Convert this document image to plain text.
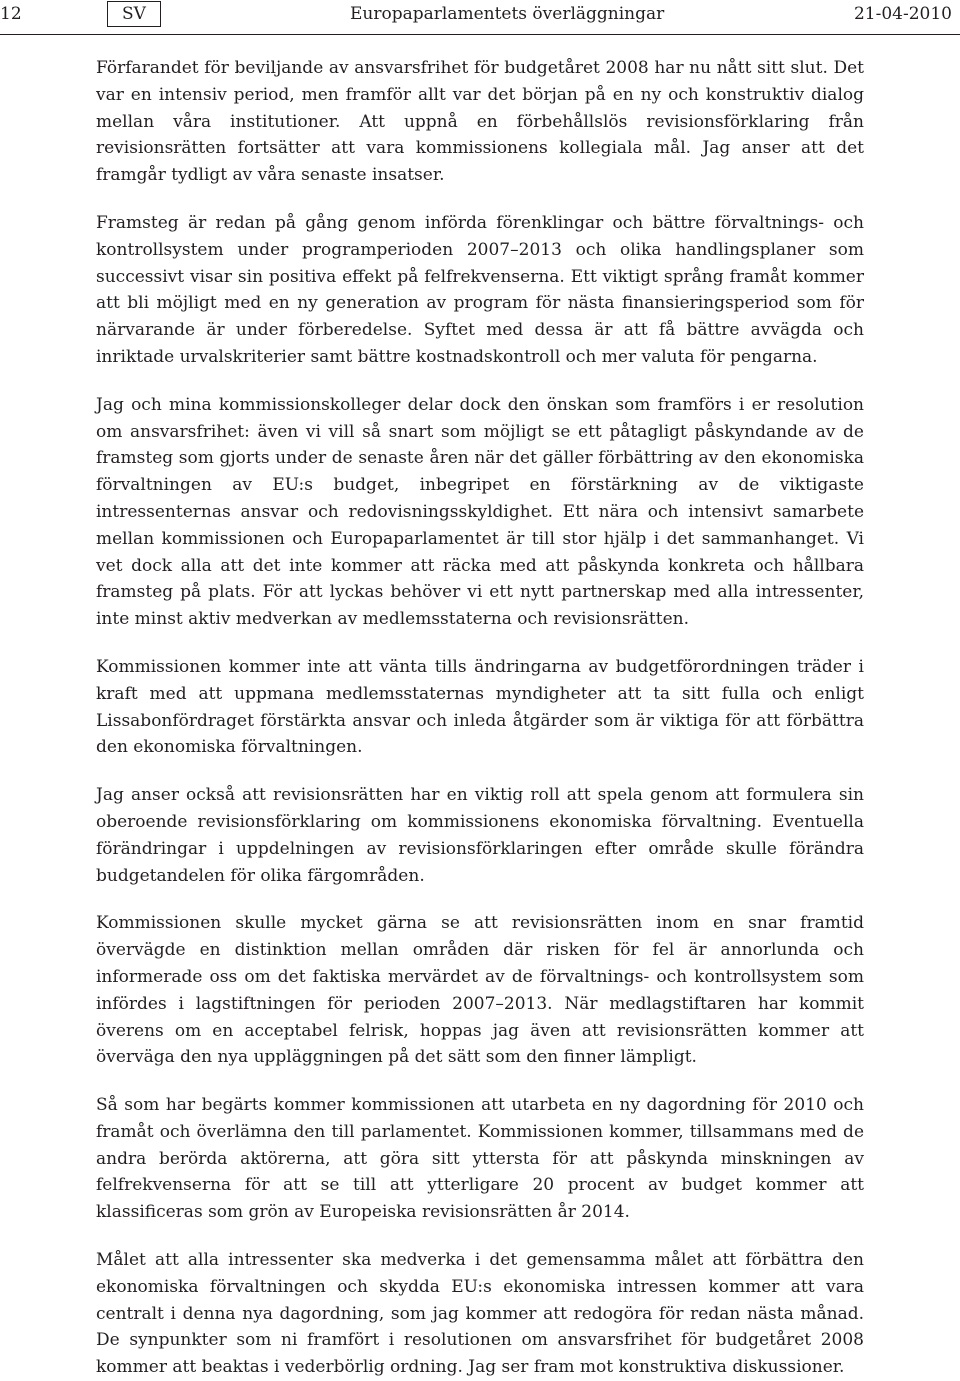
12	SV	Europaparlamentets överläggningar	21-04-2010

Förfarandet för beviljande av ansvarsfrihet för budgetåret 2008 har nu nått sitt slut. Det var en intensiv period, men framför allt var det början på en ny och konstruktiv dialog mellan våra institutioner. Att uppnå en förbehållslös revisionsförklaring från revisionsrätten fortsätter att vara kommissionens kollegiala mål. Jag anser att det framgår tydligt av våra senaste insatser.

Framsteg är redan på gång genom införda förenklingar och bättre förvaltnings- och kontrollsystem under programperioden 2007–2013 och olika handlingsplaner som successivt visar sin positiva effekt på felfrekvenserna. Ett viktigt språng framåt kommer att bli möjligt med en ny generation av program för nästa finansieringsperiod som för närvarande är under förberedelse. Syftet med dessa är att få bättre avvägda och inriktade urvalskriterier samt bättre kostnadskontroll och mer valuta för pengarna.

Jag och mina kommissionskolleger delar dock den önskan som framförs i er resolution om ansvarsfrihet: även vi vill så snart som möjligt se ett påtagligt påskyndande av de framsteg som gjorts under de senaste åren när det gäller förbättring av den ekonomiska förvaltningen av EU:s budget, inbegripet en förstärkning av de viktigaste intressenternas ansvar och redovisningsskyldighet. Ett nära och intensivt samarbete mellan kommissionen och Europaparlamentet är till stor hjälp i det sammanhanget. Vi vet dock alla att det inte kommer att räcka med att påskynda konkreta och hållbara framsteg på plats. För att lyckas behöver vi ett nytt partnerskap med alla intressenter, inte minst aktiv medverkan av medlemsstaterna och revisionsrätten.

Kommissionen kommer inte att vänta tills ändringarna av budgetförordningen träder i kraft med att uppmana medlemsstaternas myndigheter att ta sitt fulla och enligt Lissabonfördraget förstärkta ansvar och inleda åtgärder som är viktiga för att förbättra den ekonomiska förvaltningen.

Jag anser också att revisionsrätten har en viktig roll att spela genom att formulera sin oberoende revisionsförklaring om kommissionens ekonomiska förvaltning. Eventuella förändringar i uppdelningen av revisionsförklaringen efter område skulle förändra budgetandelen för olika färgområden.

Kommissionen skulle mycket gärna se att revisionsrätten inom en snar framtid övervägde en distinktion mellan områden där risken för fel är annorlunda och informerade oss om det faktiska mervärdet av de förvaltnings- och kontrollsystem som infördes i lagstiftningen för perioden 2007–2013. När medlagstiftaren har kommit överens om en acceptabel felrisk, hoppas jag även att revisionsrätten kommer att överväga den nya uppläggningen på det sätt som den finner lämpligt.

Så som har begärts kommer kommissionen att utarbeta en ny dagordning för 2010 och framåt och överlämna den till parlamentet. Kommissionen kommer, tillsammans med de andra berörda aktörerna, att göra sitt yttersta för att påskynda minskningen av felfrekvenserna för att se till att ytterligare 20 procent av budget kommer att klassificeras som grön av Europeiska revisionsrätten år 2014.

Målet att alla intressenter ska medverka i det gemensamma målet att förbättra den ekonomiska förvaltningen och skydda EU:s ekonomiska intressen kommer att vara centralt i denna nya dagordning, som jag kommer att redogöra för redan nästa månad. De synpunkter som ni framfört i resolutionen om ansvarsfrihet för budgetåret 2008 kommer att beaktas i vederbörlig ordning. Jag ser fram mot konstruktiva diskussioner.
